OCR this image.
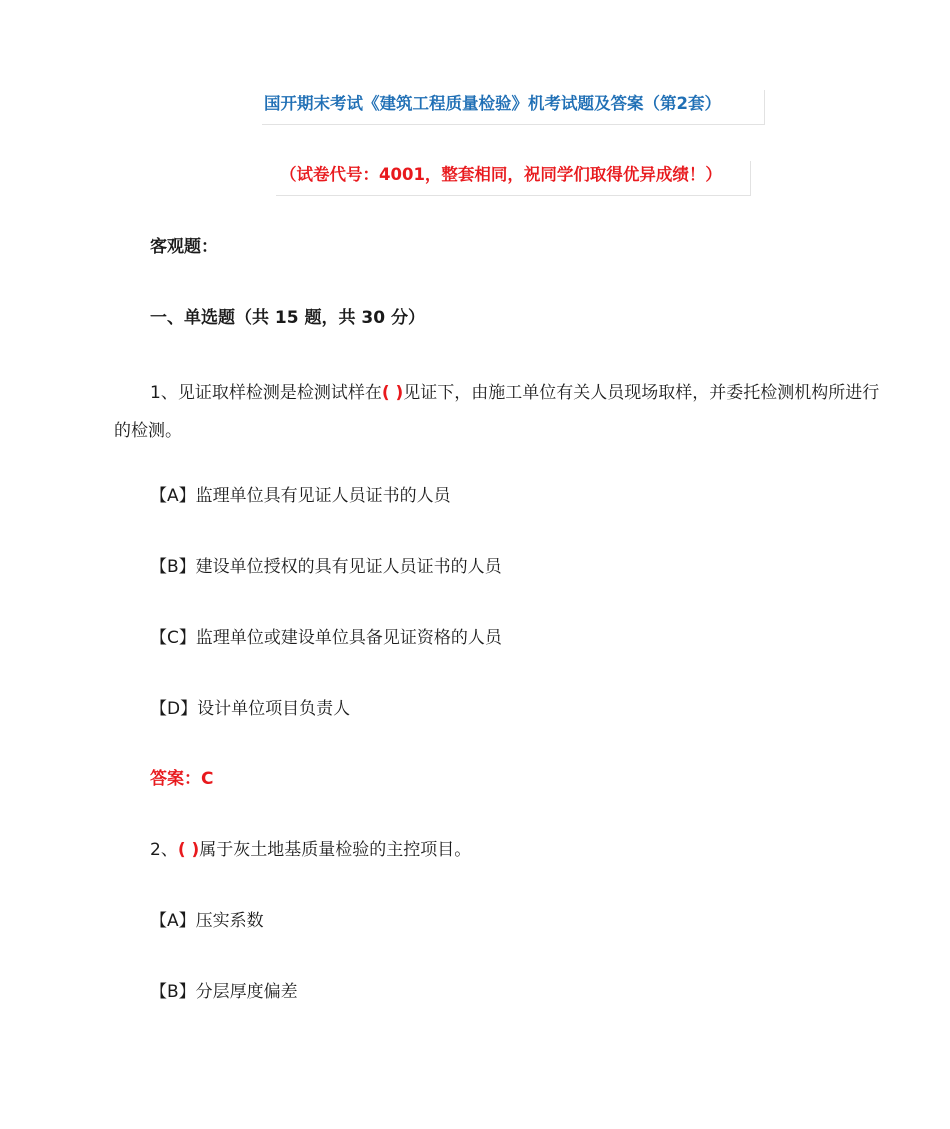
国开期末考试《建筑工程质量检验》机考试题及答案（第2套）
（试卷代号：4001，整套相同，祝同学们取得优异成绩！）
客观题：
一、单选题（共 15 题，共 30 分）
1、见证取样检测是检测试样在( )见证下，由施工单位有关人员现场取样，并委托检测机构所进行的检测。
【A】监理单位具有见证人员证书的人员
【B】建设单位授权的具有见证人员证书的人员
【C】监理单位或建设单位具备见证资格的人员
【D】设计单位项目负责人
答案：C
2、( )属于灰土地基质量检验的主控项目。
【A】压实系数
【B】分层厚度偏差
